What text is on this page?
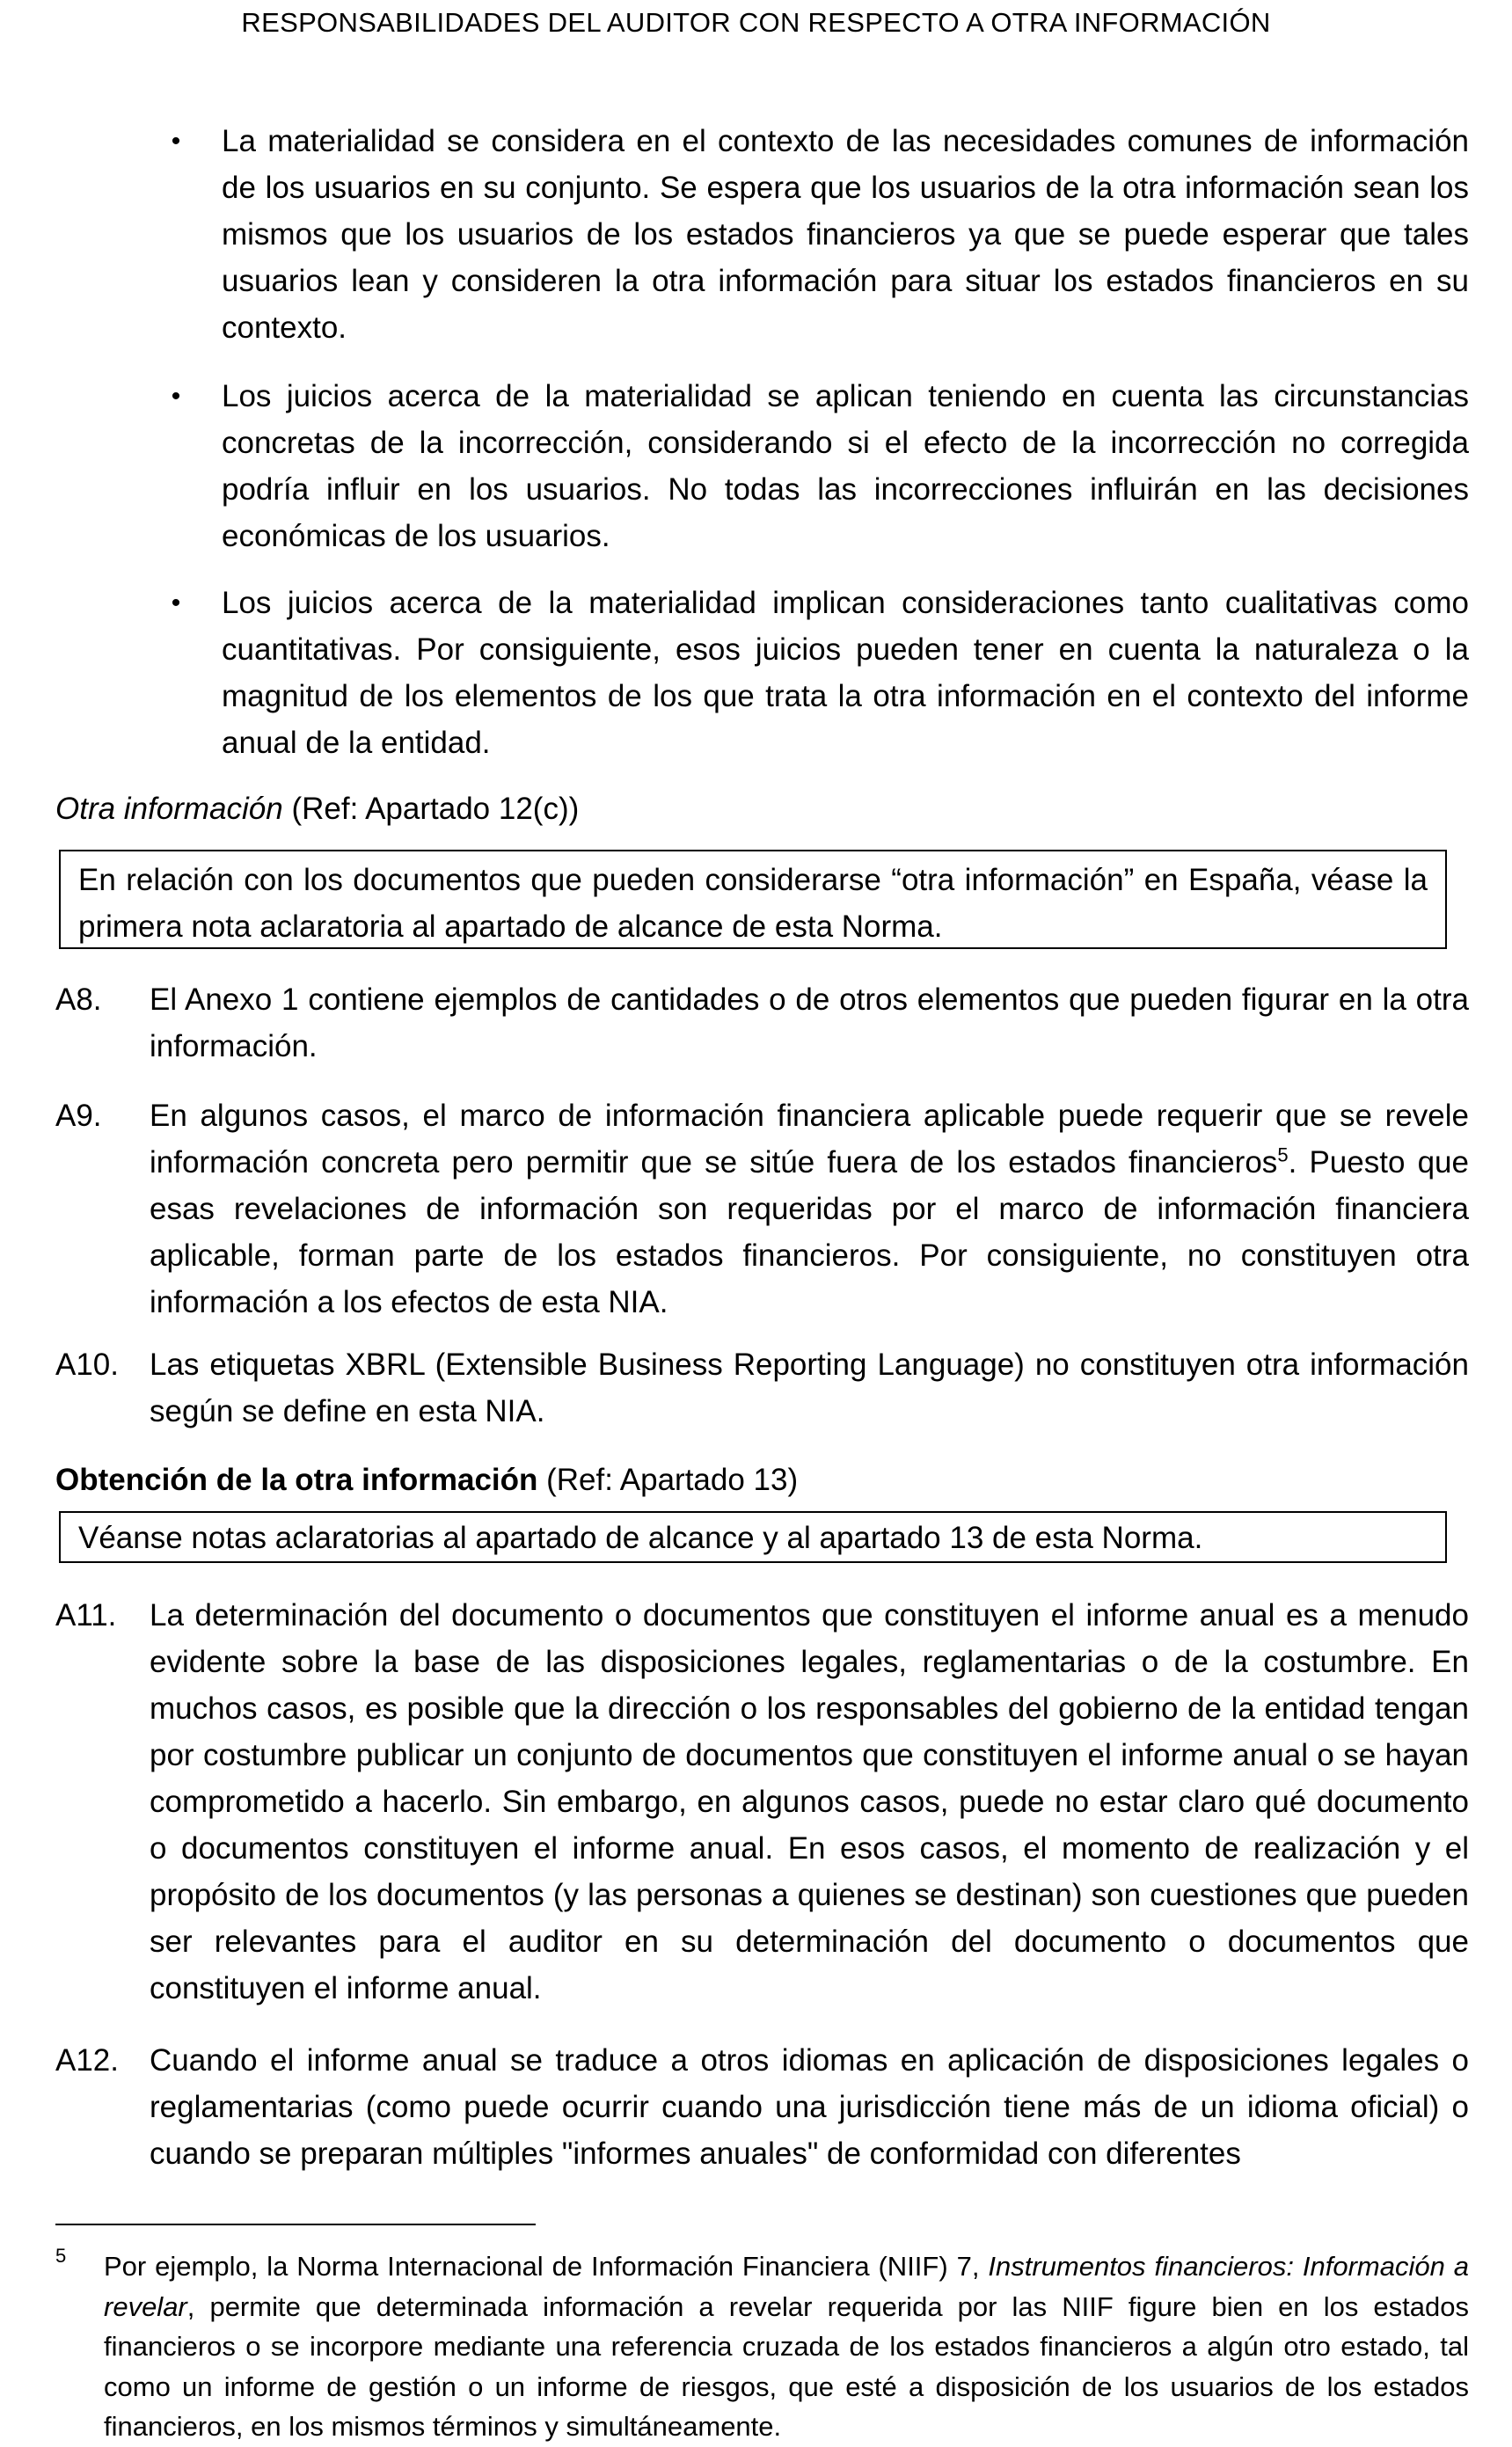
RESPONSABILIDADES DEL AUDITOR CON RESPECTO A OTRA INFORMACIÓN
•	La materialidad se considera en el contexto de las necesidades comunes de información de los usuarios en su conjunto. Se espera que los usuarios de la otra información sean los mismos que los usuarios de los estados financieros ya que se puede esperar que tales usuarios lean y consideren la otra información para situar los estados financieros en su contexto.
•	Los juicios acerca de la materialidad se aplican teniendo en cuenta las circunstancias concretas de la incorrección, considerando si el efecto de la incorrección no corregida podría influir en los usuarios. No todas las incorrecciones influirán en las decisiones económicas de los usuarios.
•	Los juicios acerca de la materialidad implican consideraciones tanto cualitativas como cuantitativas. Por consiguiente, esos juicios pueden tener en cuenta la naturaleza o la magnitud de los elementos de los que trata la otra información en el contexto del informe anual de la entidad.
Otra información (Ref: Apartado 12(c))
En relación con los documentos que pueden considerarse “otra información” en España, véase la primera nota aclaratoria al apartado de alcance de esta Norma.
A8. El Anexo 1 contiene ejemplos de cantidades o de otros elementos que pueden figurar en la otra información.
A9. En algunos casos, el marco de información financiera aplicable puede requerir que se revele información concreta pero permitir que se sitúe fuera de los estados financieros$^5$. Puesto que esas revelaciones de información son requeridas por el marco de información financiera aplicable, forman parte de los estados financieros. Por consiguiente, no constituyen otra información a los efectos de esta NIA.
A10. Las etiquetas XBRL (Extensible Business Reporting Language) no constituyen otra información según se define en esta NIA.
Obtención de la otra información (Ref: Apartado 13)
Véanse notas aclaratorias al apartado de alcance y al apartado 13 de esta Norma.
A11. La determinación del documento o documentos que constituyen el informe anual es a menudo evidente sobre la base de las disposiciones legales, reglamentarias o de la costumbre. En muchos casos, es posible que la dirección o los responsables del gobierno de la entidad tengan por costumbre publicar un conjunto de documentos que constituyen el informe anual o se hayan comprometido a hacerlo. Sin embargo, en algunos casos, puede no estar claro qué documento o documentos constituyen el informe anual. En esos casos, el momento de realización y el propósito de los documentos (y las personas a quienes se destinan) son cuestiones que pueden ser relevantes para el auditor en su determinación del documento o documentos que constituyen el informe anual.
A12. Cuando el informe anual se traduce a otros idiomas en aplicación de disposiciones legales o reglamentarias (como puede ocurrir cuando una jurisdicción tiene más de un idioma oficial) o cuando se preparan múltiples "informes anuales" de conformidad con diferentes
5 Por ejemplo, la Norma Internacional de Información Financiera (NIIF) 7, Instrumentos financieros: Información a revelar, permite que determinada información a revelar requerida por las NIIF figure bien en los estados financieros o se incorpore mediante una referencia cruzada de los estados financieros a algún otro estado, tal como un informe de gestión o un informe de riesgos, que esté a disposición de los usuarios de los estados financieros, en los mismos términos y simultáneamente.
